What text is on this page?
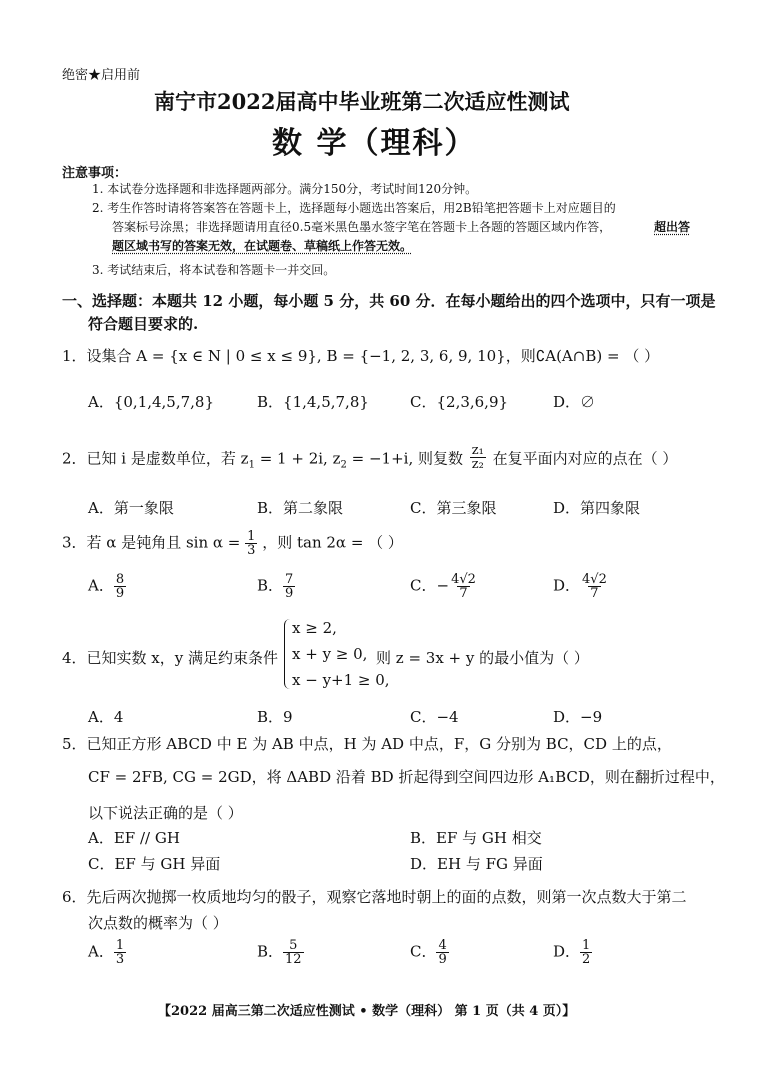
绝密★启用前
南宁市2022届高中毕业班第二次适应性测试
数 学（理科）
注意事项：
1. 本试卷分选择题和非选择题两部分。满分150分，考试时间120分钟。
2. 考生作答时请将答案答在答题卡上，选择题每小题选出答案后，用2B铅笔把答题卡上对应题目的
答案标号涂黑；非选择题请用直径0.5毫米黑色墨水签字笔在答题卡上各题的答题区域内作答，	超出答
题区域书写的答案无效，在试题卷、草稿纸上作答无效。
3. 考试结束后，将本试卷和答题卡一并交回。
一、选择题：本题共 12 小题，每小题 5 分，共 60 分．在每小题给出的四个选项中，只有一项是
符合题目要求的.
1．设集合 A = {x ∈ N | 0 ≤ x ≤ 9}, B = {−1, 2, 3, 6, 9, 10}，则∁A(A∩B) = （ ）
A．{0,1,4,5,7,8}	B．{1,4,5,7,8}	C．{2,3,6,9}	D．∅
2．已知 i 是虚数单位，若 $z_1 = 1 + 2i$, $z_2 = -1+i$, 则复数 $\frac{\text{z₁}}{\text{z₂}}$ 在复平面内对应的点在（ ）
A．第一象限	B．第二象限	C．第三象限	D．第四象限
3．若 α 是钝角且 $\sin \alpha = \frac{1}{3}$ ，则 tan 2α = （ ）
A． $\frac{8}{9}$	B． $\frac{7}{9}$	C．− $\frac{4√2}{7}$	D． $\frac{4√2}{7}$
4．已知实数 x，y 满足约束条件
x ≥ 2,
x + y ≥ 0,
x − y+1 ≥ 0,
则 z = 3x + y 的最小值为（ ）
A．4	B．9	C．−4	D．−9
5．已知正方形 ABCD 中 E 为 AB 中点，H 为 AD 中点，F，G 分别为 BC，CD 上的点，
CF = 2FB, CG = 2GD，将 ΔABD 沿着 BD 折起得到空间四边形 A₁BCD，则在翻折过程中，
以下说法正确的是（ ）
A．EF // GH	B．EF 与 GH 相交
C．EF 与 GH 异面	D．EH 与 FG 异面
6．先后两次抛掷一枚质地均匀的骰子，观察它落地时朝上的面的点数，则第一次点数大于第二
次点数的概率为（ ）
A． $\frac{1}{3}$	B． $\frac{5}{12}$	C． $\frac{4}{9}$	D． $\frac{1}{2}$
【2022 届高三第二次适应性测试 • 数学（理科） 第 1 页（共 4 页）】
